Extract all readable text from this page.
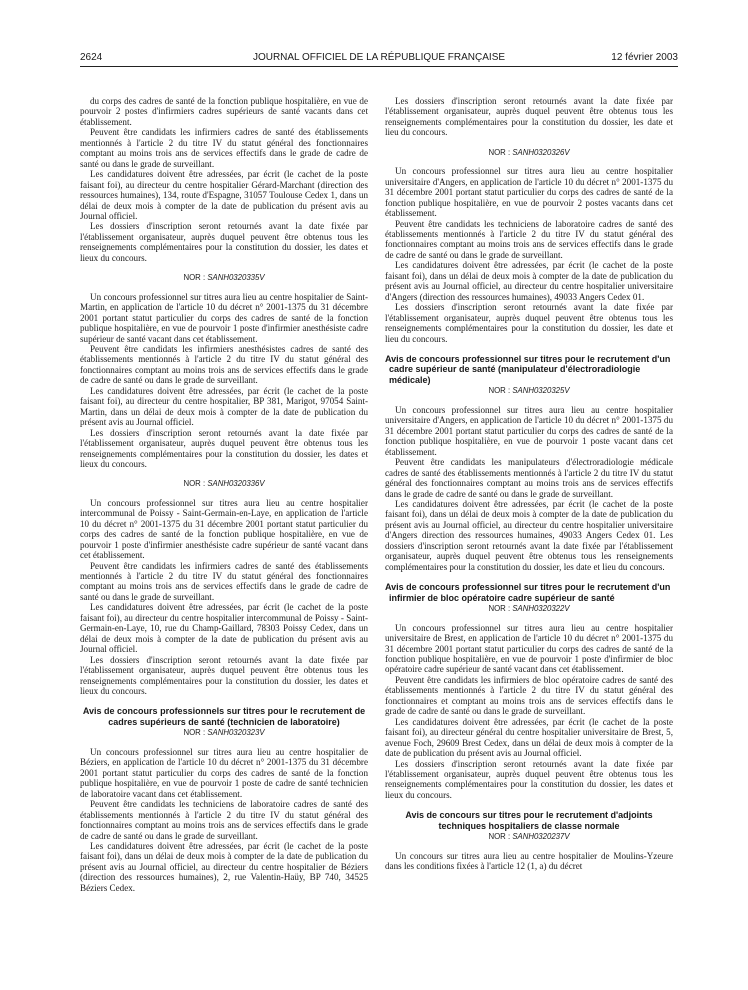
2624	JOURNAL OFFICIEL DE LA RÉPUBLIQUE FRANÇAISE	12 février 2003

du corps des cadres de santé de la fonction publique hospitalière, en vue de pourvoir 2 postes d'infirmiers cadres supérieurs de santé vacants dans cet établissement.

Peuvent être candidats les infirmiers cadres de santé des établissements mentionnés à l'article 2 du titre IV du statut général des fonctionnaires comptant au moins trois ans de services effectifs dans le grade de cadre de santé ou dans le grade de surveillant.

Les candidatures doivent être adressées, par écrit (le cachet de la poste faisant foi), au directeur du centre hospitalier Gérard-Marchant (direction des ressources humaines), 134, route d'Espagne, 31057 Toulouse Cedex 1, dans un délai de deux mois à compter de la date de publication du présent avis au Journal officiel.

Les dossiers d'inscription seront retournés avant la date fixée par l'établissement organisateur, auprès duquel peuvent être obtenus tous les renseignements complémentaires pour la constitution du dossier, les dates et lieux du concours.

NOR : SANH0320335V

Un concours professionnel sur titres aura lieu au centre hospitalier de Saint-Martin, en application de l'article 10 du décret n° 2001-1375 du 31 décembre 2001 portant statut particulier du corps des cadres de santé de la fonction publique hospitalière, en vue de pourvoir 1 poste d'infirmier anesthésiste cadre supérieur de santé vacant dans cet établissement.

Peuvent être candidats les infirmiers anesthésistes cadres de santé des établissements mentionnés à l'article 2 du titre IV du statut général des fonctionnaires comptant au moins trois ans de services effectifs dans le grade de cadre de santé ou dans le grade de surveillant.

Les candidatures doivent être adressées, par écrit (le cachet de la poste faisant foi), au directeur du centre hospitalier, BP 381, Marigot, 97054 Saint-Martin, dans un délai de deux mois à compter de la date de publication du présent avis au Journal officiel.

Les dossiers d'inscription seront retournés avant la date fixée par l'établissement organisateur, auprès duquel peuvent être obtenus tous les renseignements complémentaires pour la constitution du dossier, les dates et lieux du concours.

NOR : SANH0320336V

Un concours professionnel sur titres aura lieu au centre hospitalier intercommunal de Poissy - Saint-Germain-en-Laye, en application de l'article 10 du décret n° 2001-1375 du 31 décembre 2001 portant statut particulier du corps des cadres de santé de la fonction publique hospitalière, en vue de pourvoir 1 poste d'infirmier anesthésiste cadre supérieur de santé vacant dans cet établissement.

Peuvent être candidats les infirmiers cadres de santé des établissements mentionnés à l'article 2 du titre IV du statut général des fonctionnaires comptant au moins trois ans de services effectifs dans le grade de cadre de santé ou dans le grade de surveillant.

Les candidatures doivent être adressées, par écrit (le cachet de la poste faisant foi), au directeur du centre hospitalier intercommunal de Poissy - Saint-Germain-en-Laye, 10, rue du Champ-Gaillard, 78303 Poissy Cedex, dans un délai de deux mois à compter de la date de publication du présent avis au Journal officiel.

Les dossiers d'inscription seront retournés avant la date fixée par l'établissement organisateur, auprès duquel peuvent être obtenus tous les renseignements complémentaires pour la constitution du dossier, les dates et lieux du concours.

Avis de concours professionnels sur titres pour le recrutement de cadres supérieurs de santé (technicien de laboratoire)
NOR : SANH0320323V

Un concours professionnel sur titres aura lieu au centre hospitalier de Béziers, en application de l'article 10 du décret n° 2001-1375 du 31 décembre 2001 portant statut particulier du corps des cadres de santé de la fonction publique hospitalière, en vue de pourvoir 1 poste de cadre de santé technicien de laboratoire vacant dans cet établissement.

Peuvent être candidats les techniciens de laboratoire cadres de santé des établissements mentionnés à l'article 2 du titre IV du statut général des fonctionnaires comptant au moins trois ans de services effectifs dans le grade de cadre de santé ou dans le grade de surveillant.

Les candidatures doivent être adressées, par écrit (le cachet de la poste faisant foi), dans un délai de deux mois à compter de la date de publication du présent avis au Journal officiel, au directeur du centre hospitalier de Béziers (direction des ressources humaines), 2, rue Valentin-Haüy, BP 740, 34525 Béziers Cedex.

Les dossiers d'inscription seront retournés avant la date fixée par l'établissement organisateur, auprès duquel peuvent être obtenus tous les renseignements complémentaires pour la constitution du dossier, les date et lieu du concours.

NOR : SANH0320326V

Un concours professionnel sur titres aura lieu au centre hospitalier universitaire d'Angers, en application de l'article 10 du décret n° 2001-1375 du 31 décembre 2001 portant statut particulier du corps des cadres de santé de la fonction publique hospitalière, en vue de pourvoir 2 postes vacants dans cet établissement.

Peuvent être candidats les techniciens de laboratoire cadres de santé des établissements mentionnés à l'article 2 du titre IV du statut général des fonctionnaires comptant au moins trois ans de services effectifs dans le grade de cadre de santé ou dans le grade de surveillant.

Les candidatures doivent être adressées, par écrit (le cachet de la poste faisant foi), dans un délai de deux mois à compter de la date de publication du présent avis au Journal officiel, au directeur du centre hospitalier universitaire d'Angers (direction des ressources humaines), 49033 Angers Cedex 01.

Les dossiers d'inscription seront retournés avant la date fixée par l'établissement organisateur, auprès duquel peuvent être obtenus tous les renseignements complémentaires pour la constitution du dossier, les date et lieu du concours.

Avis de concours professionnel sur titres pour le recrutement d'un cadre supérieur de santé (manipulateur d'électroradiologie médicale)
NOR : SANH0320325V

Un concours professionnel sur titres aura lieu au centre hospitalier universitaire d'Angers, en application de l'article 10 du décret n° 2001-1375 du 31 décembre 2001 portant statut particulier du corps des cadres de santé de la fonction publique hospitalière, en vue de pourvoir 1 poste vacant dans cet établissement.

Peuvent être candidats les manipulateurs d'électroradiologie médicale cadres de santé des établissements mentionnés à l'article 2 du titre IV du statut général des fonctionnaires comptant au moins trois ans de services effectifs dans le grade de cadre de santé ou dans le grade de surveillant.

Les candidatures doivent être adressées, par écrit (le cachet de la poste faisant foi), dans un délai de deux mois à compter de la date de publication du présent avis au Journal officiel, au directeur du centre hospitalier universitaire d'Angers direction des ressources humaines, 49033 Angers Cedex 01. Les dossiers d'inscription seront retournés avant la date fixée par l'établissement organisateur, auprès duquel peuvent être obtenus tous les renseignements complémentaires pour la constitution du dossier, les date et lieu du concours.

Avis de concours professionnel sur titres pour le recrutement d'un infirmier de bloc opératoire cadre supérieur de santé
NOR : SANH0320322V

Un concours professionnel sur titres aura lieu au centre hospitalier universitaire de Brest, en application de l'article 10 du décret n° 2001-1375 du 31 décembre 2001 portant statut particulier du corps des cadres de santé de la fonction publique hospitalière, en vue de pourvoir 1 poste d'infirmier de bloc opératoire cadre supérieur de santé vacant dans cet établissement.

Peuvent être candidats les infirmiers de bloc opératoire cadres de santé des établissements mentionnés à l'article 2 du titre IV du statut général des fonctionnaires et comptant au moins trois ans de services effectifs dans le grade de cadre de santé ou dans le grade de surveillant.

Les candidatures doivent être adressées, par écrit (le cachet de la poste faisant foi), au directeur général du centre hospitalier universitaire de Brest, 5, avenue Foch, 29609 Brest Cedex, dans un délai de deux mois à compter de la date de publication du présent avis au Journal officiel.

Les dossiers d'inscription seront retournés avant la date fixée par l'établissement organisateur, auprès duquel peuvent être obtenus tous les renseignements complémentaires pour la constitution du dossier, les dates et lieux du concours.

Avis de concours sur titres pour le recrutement d'adjoints techniques hospitaliers de classe normale
NOR : SANH0320237V

Un concours sur titres aura lieu au centre hospitalier de Moulins-Yzeure dans les conditions fixées à l'article 12 (1, a) du décret
